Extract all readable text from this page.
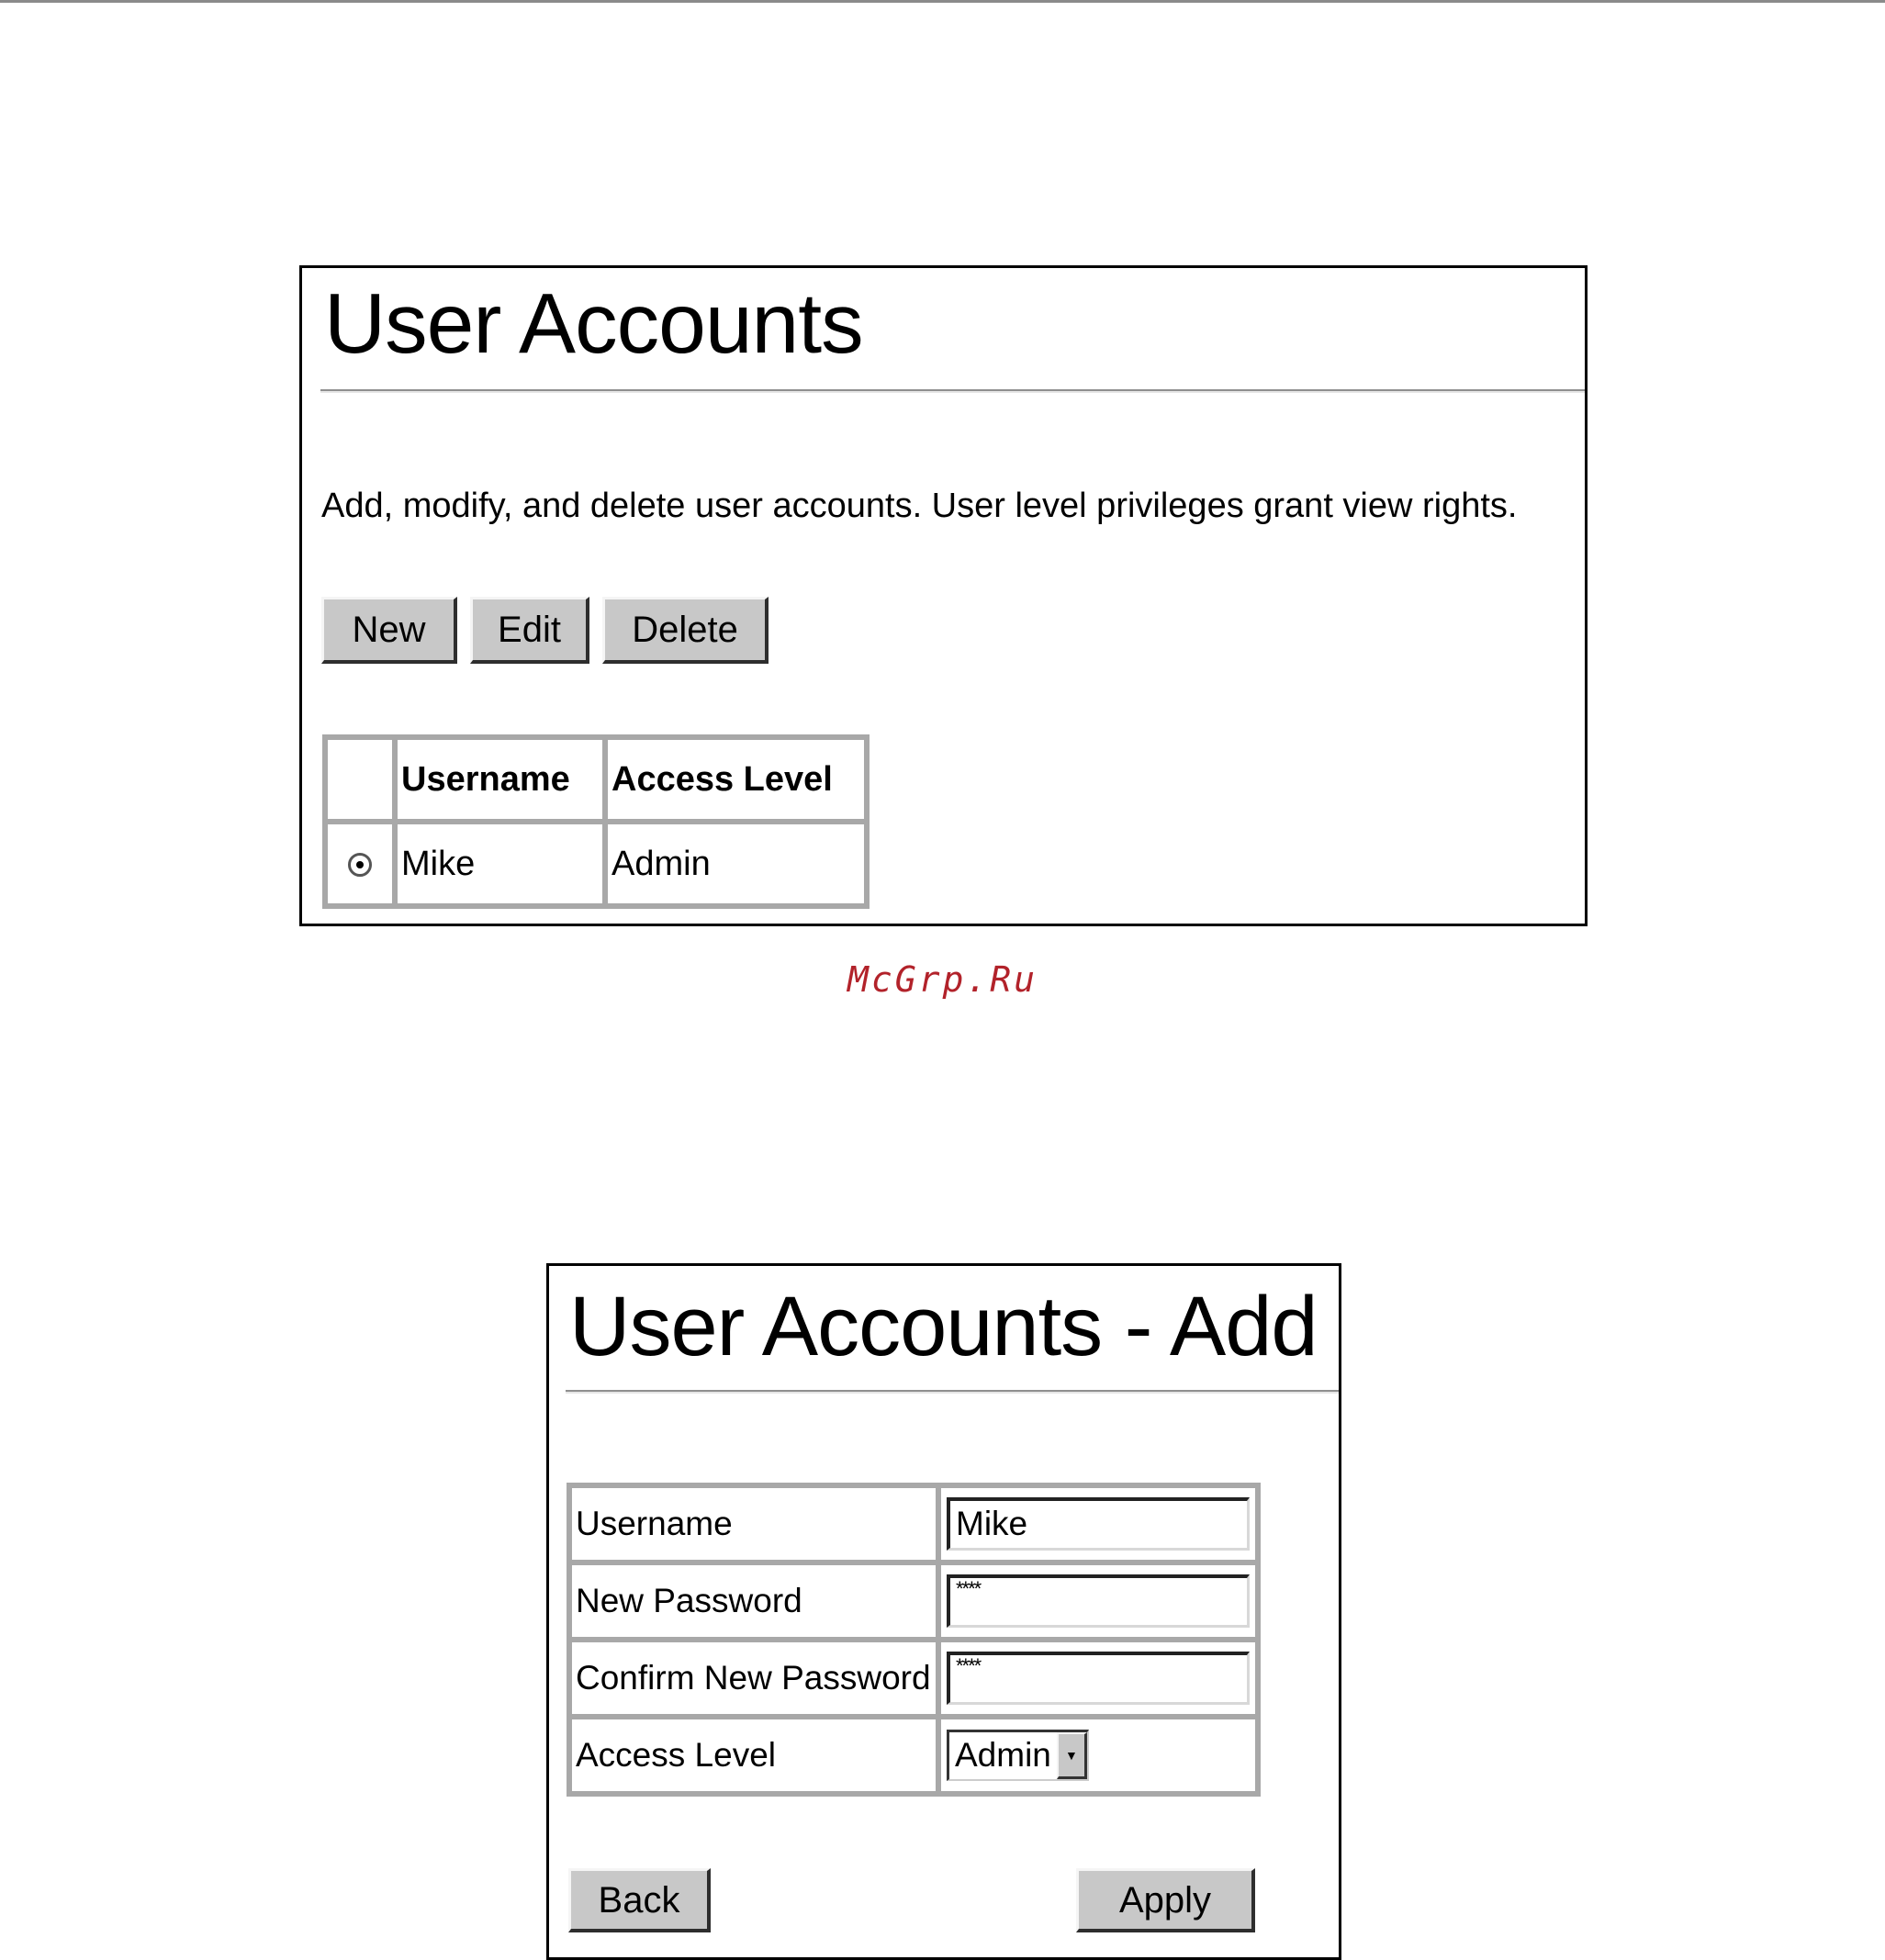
User Accounts
Add, modify, and delete user accounts. User level privileges grant view rights.
New	Edit	Delete
	Username	Access Level
	Mike	Admin
McGrp.Ru
User Accounts - Add
Username	Mike

New Password	****

Confirm New Password	****

Access Level	Admin ▼
Back	Apply
